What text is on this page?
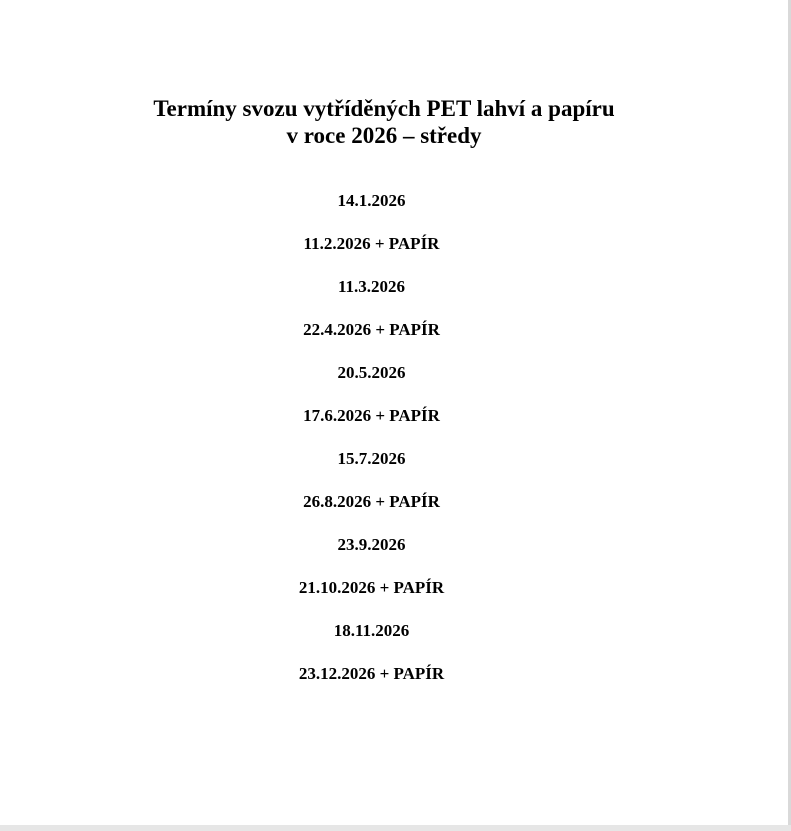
Termíny svozu vytříděných PET lahví a papíru
v roce 2026 – středy
14.1.2026
11.2.2026 + PAPÍR
11.3.2026
22.4.2026 + PAPÍR
20.5.2026
17.6.2026 + PAPÍR
15.7.2026
26.8.2026 + PAPÍR
23.9.2026
21.10.2026 + PAPÍR
18.11.2026
23.12.2026 + PAPÍR
